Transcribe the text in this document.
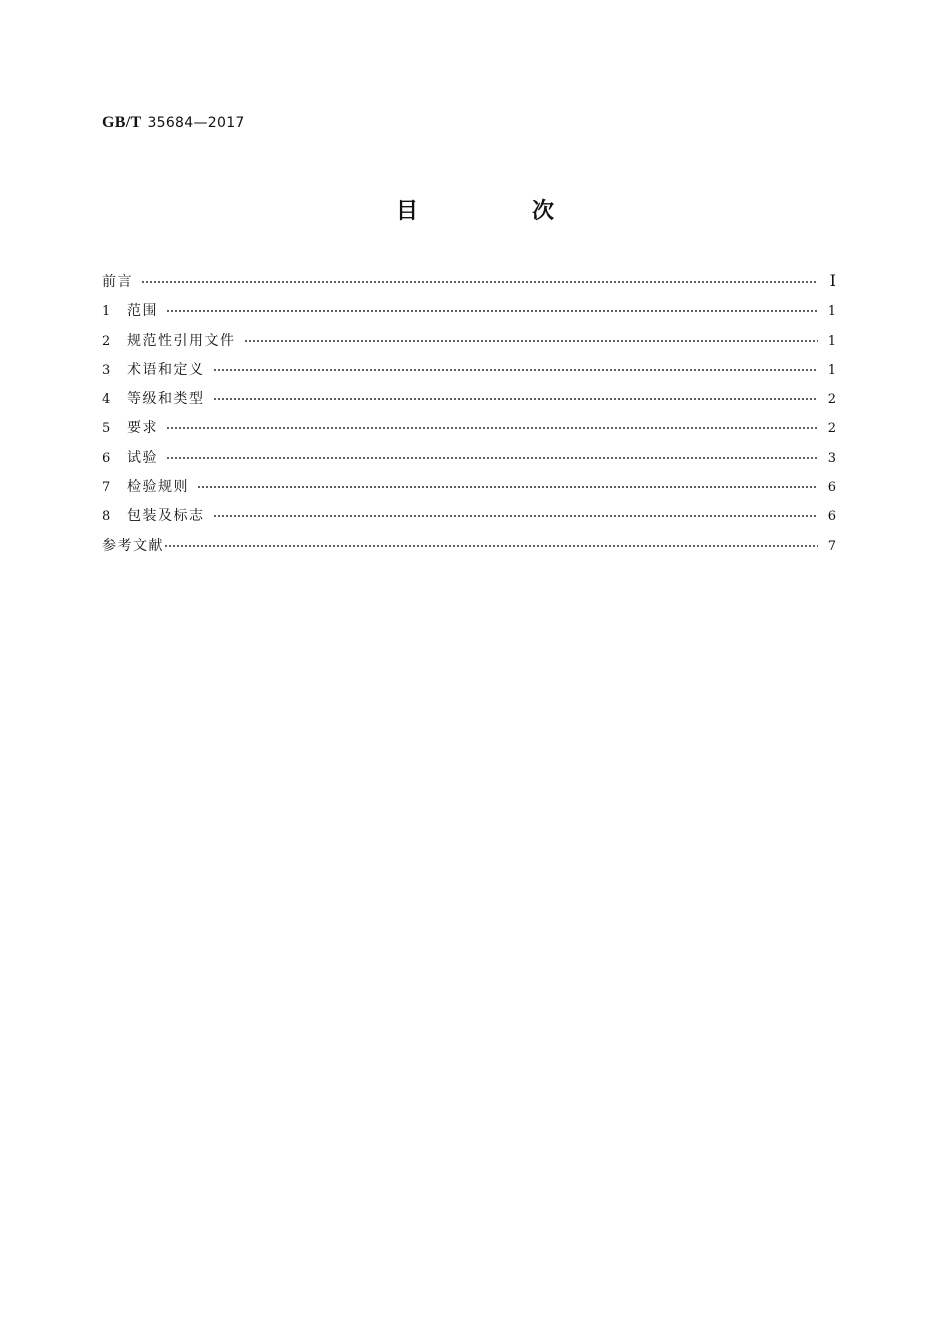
GB/T 35684—2017
目　次
前言	Ⅰ
1	范围	1
2	规范性引用文件	1
3	术语和定义	1
4	等级和类型	2
5	要求	2
6	试验	3
7	检验规则	6
8	包装及标志	6
参考文献	7
